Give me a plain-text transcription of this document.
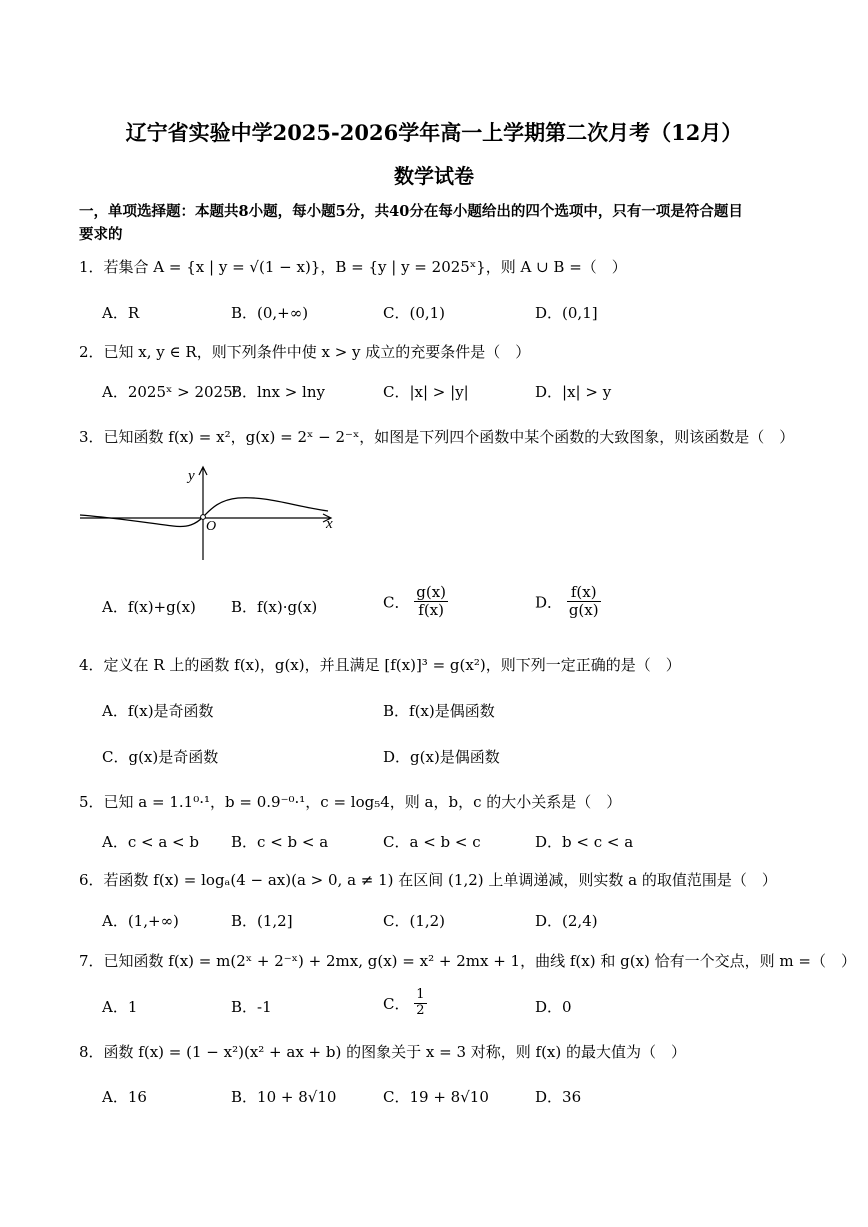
辽宁省实验中学2025-2026学年高一上学期第二次月考（12月）
数学试卷
一，单项选择题：本题共8小题，每小题5分，共40分在每小题给出的四个选项中，只有一项是符合题目
要求的
1．若集合 A = {x | y = √(1 − x)}，B = {y | y = 2025ˣ}，则 A ∪ B =（　）
A．R	B．(0,+∞)	C．(0,1)	D．(0,1]
2．已知 x, y ∈ R，则下列条件中使 x > y 成立的充要条件是（　）
A．2025ˣ > 2025ʸ
B．lnx > lny	C．|x| > |y|	D．|x| > y
3．已知函数 f(x) = x²，g(x) = 2ˣ − 2⁻ˣ，如图是下列四个函数中某个函数的大致图象，则该函数是（　）
y
x
O
A．f(x)+g(x) B．f(x)·g(x)	C． $\frac{g(x)}{f(x)}$	D． $\frac{f(x)}{g(x)}$
4．定义在 R 上的函数 f(x)，g(x)，并且满足 [f(x)]³ = g(x²)，则下列一定正确的是（　）
A．f(x)是奇函数	B．f(x)是偶函数
C．g(x)是奇函数	D．g(x)是偶函数
5．已知 a = 1.1⁰·¹，b = 0.9⁻⁰·¹，c = log₅4，则 a，b，c 的大小关系是（　）
A．c < a < b B．c < b < a	C．a < b < c	D．b < c < a
6．若函数 f(x) = logₐ(4 − ax)(a > 0, a ≠ 1) 在区间 (1,2) 上单调递减，则实数 a 的取值范围是（　）
A．(1,+∞)	B．(1,2]	C．(1,2)	D．(2,4)
7．已知函数 f(x) = m(2ˣ + 2⁻ˣ) + 2mx, g(x) = x² + 2mx + 1，曲线 f(x) 和 g(x) 恰有一个交点，则 m =（　）
A．1	B．-1	C． $\frac{1}{2}$	D．0
8．函数 f(x) = (1 − x²)(x² + ax + b) 的图象关于 x = 3 对称，则 f(x) 的最大值为（　）
A．16	B．10 + 8√10	C．19 + 8√10	D．36
